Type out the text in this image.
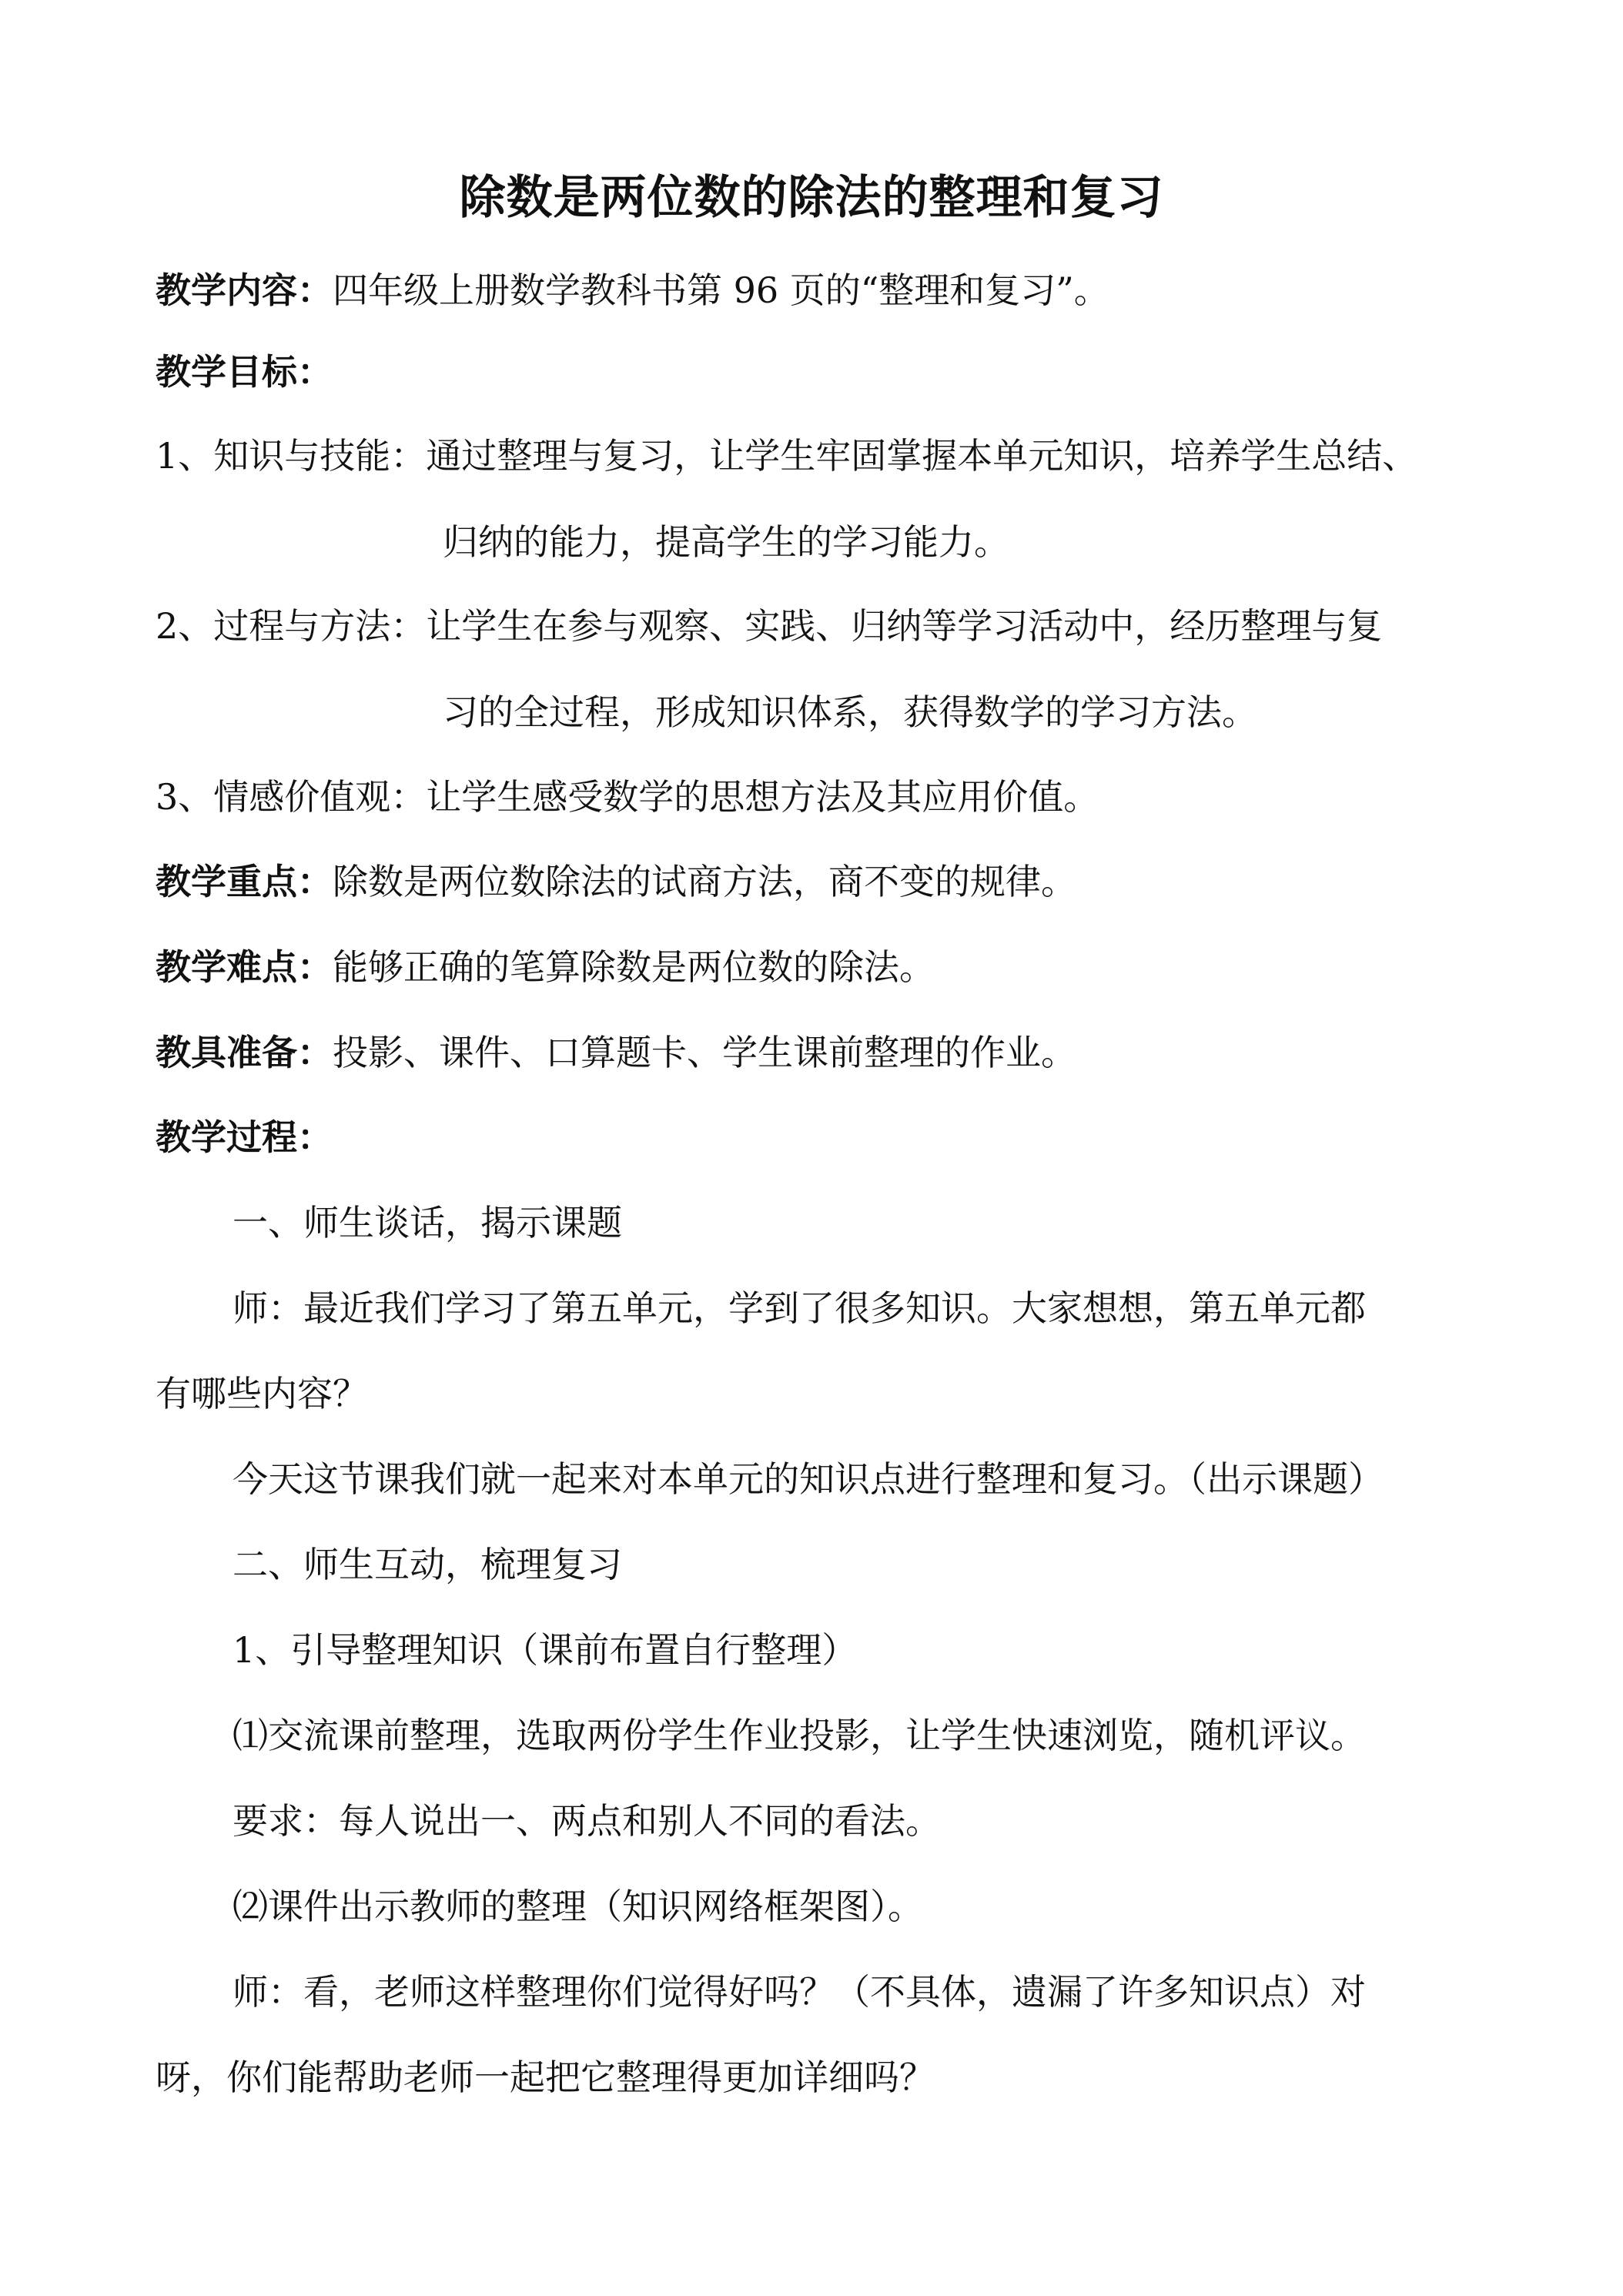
除数是两位数的除法的整理和复习
教学内容：四年级上册数学教科书第 96 页的“整理和复习”。
教学目标：
1、知识与技能：通过整理与复习，让学生牢固掌握本单元知识，培养学生总结、
归纳的能力，提高学生的学习能力。
2、过程与方法：让学生在参与观察、实践、归纳等学习活动中，经历整理与复
习的全过程，形成知识体系，获得数学的学习方法。
3、情感价值观：让学生感受数学的思想方法及其应用价值。
教学重点：除数是两位数除法的试商方法，商不变的规律。
教学难点：能够正确的笔算除数是两位数的除法。
教具准备：投影、课件、口算题卡、学生课前整理的作业。
教学过程：
一、师生谈话，揭示课题
师：最近我们学习了第五单元，学到了很多知识。大家想想，第五单元都
有哪些内容？
今天这节课我们就一起来对本单元的知识点进行整理和复习。（出示课题）
二、师生互动，梳理复习
1、引导整理知识（课前布置自行整理）
⑴交流课前整理，选取两份学生作业投影，让学生快速浏览，随机评议。
要求：每人说出一、两点和别人不同的看法。
⑵课件出示教师的整理（知识网络框架图）。
师：看，老师这样整理你们觉得好吗？（不具体，遗漏了许多知识点）对
呀，你们能帮助老师一起把它整理得更加详细吗？
